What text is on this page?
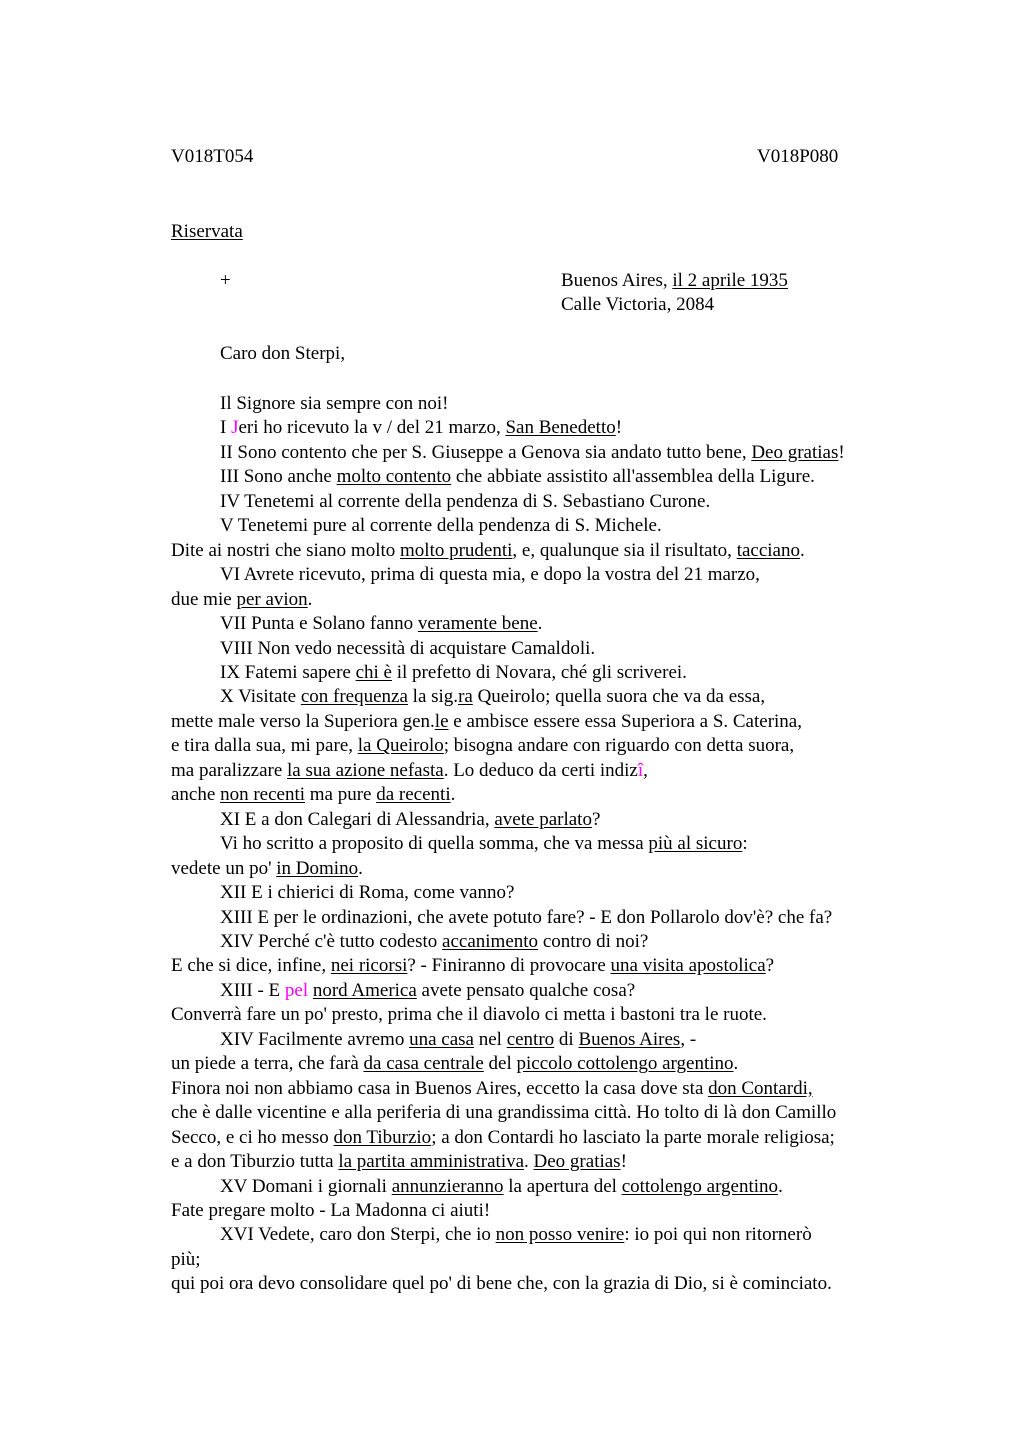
V018T054	V018P080
Riservata
+	Buenos Aires, il 2 aprile 1935
Calle Victoria, 2084
Caro don Sterpi,

Il Signore sia sempre con noi!

I Jeri ho ricevuto la v / del 21 marzo, San Benedetto!

II Sono contento che per S. Giuseppe a Genova sia andato tutto bene, Deo gratias!

III Sono anche molto contento che abbiate assistito all'assemblea della Ligure.

IV Tenetemi al corrente della pendenza di S. Sebastiano Curone.

V Tenetemi pure al corrente della pendenza di S. Michele.

Dite ai nostri che siano molto molto prudenti, e, qualunque sia il risultato, tacciano.

VI Avrete ricevuto, prima di questa mia, e dopo la vostra del 21 marzo,

due mie per avion.

VII Punta e Solano fanno veramente bene.

VIII Non vedo necessità di acquistare Camaldoli.

IX Fatemi sapere chi è il prefetto di Novara, ché gli scriverei.

X Visitate con frequenza la sig.ra Queirolo; quella suora che va da essa,

mette male verso la Superiora gen.le e ambisce essere essa Superiora a S. Caterina,

e tira dalla sua, mi pare, la Queirolo; bisogna andare con riguardo con detta suora,

ma paralizzare la sua azione nefasta. Lo deduco da certi indizî,

anche non recenti ma pure da recenti.

XI E a don Calegari di Alessandria, avete parlato?

Vi ho scritto a proposito di quella somma, che va messa più al sicuro:

vedete un po' in Domino.

XII E i chierici di Roma, come vanno?

XIII E per le ordinazioni, che avete potuto fare? - E don Pollarolo dov'è? che fa?

XIV Perché c'è tutto codesto accanimento contro di noi?

E che si dice, infine, nei ricorsi? - Finiranno di provocare una visita apostolica?

XIII - E pel nord America avete pensato qualche cosa?

Converrà fare un po' presto, prima che il diavolo ci metta i bastoni tra le ruote.

XIV Facilmente avremo una casa nel centro di Buenos Aires, -

un piede a terra, che farà da casa centrale del piccolo cottolengo argentino.

Finora noi non abbiamo casa in Buenos Aires, eccetto la casa dove sta don Contardi,

che è dalle vicentine e alla periferia di una grandissima città. Ho tolto di là don Camillo

Secco, e ci ho messo don Tiburzio; a don Contardi ho lasciato la parte morale religiosa;

e a don Tiburzio tutta la partita amministrativa. Deo gratias!

XV Domani i giornali annunzieranno la apertura del cottolengo argentino.

Fate pregare molto - La Madonna ci aiuti!

XVI Vedete, caro don Sterpi, che io non posso venire: io poi qui non ritornerò

più;

qui poi ora devo consolidare quel po' di bene che, con la grazia di Dio, si è cominciato.
